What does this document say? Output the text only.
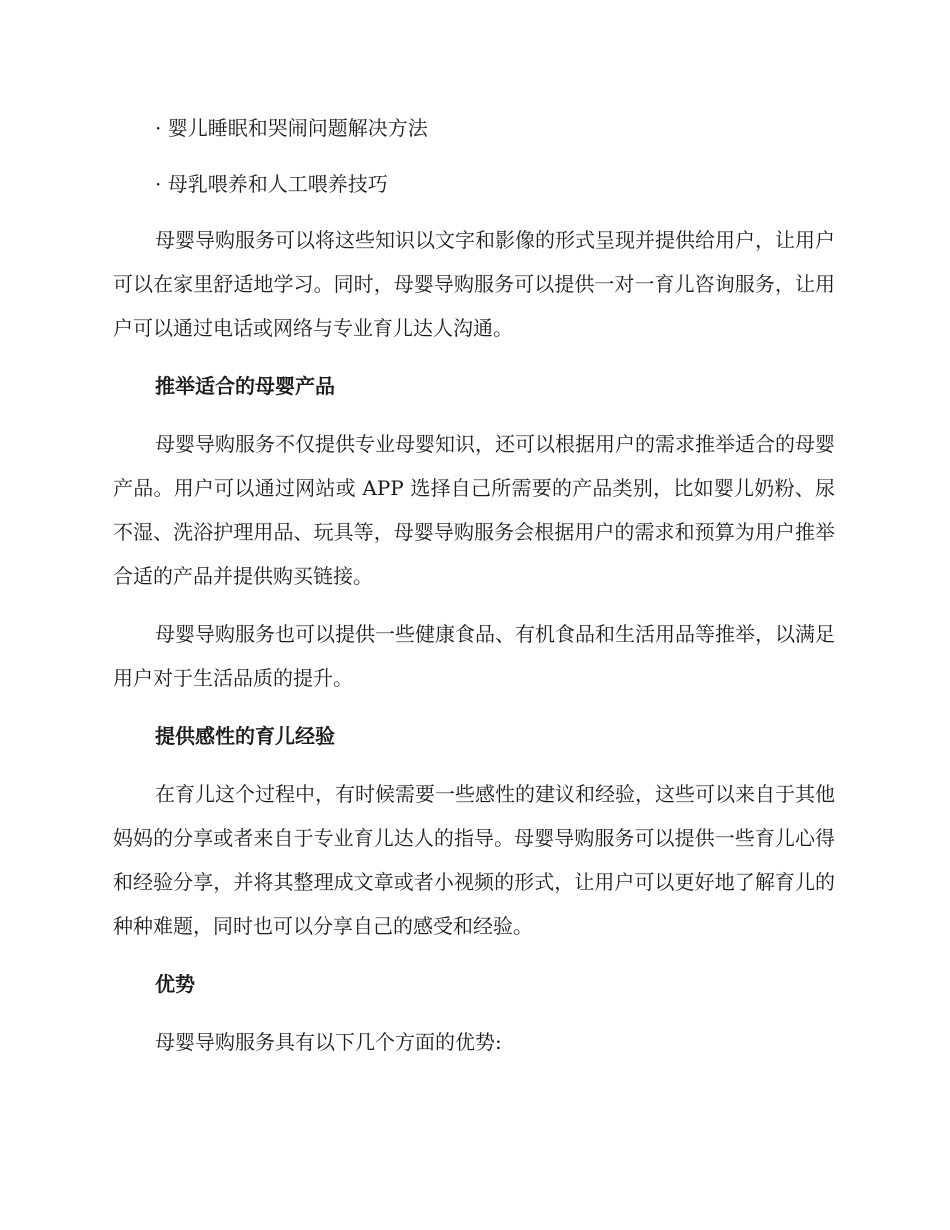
· 婴儿睡眠和哭闹问题解决方法
· 母乳喂养和人工喂养技巧

母婴导购服务可以将这些知识以文字和影像的形式呈现并提供给用户，让用户可以在家里舒适地学习。同时，母婴导购服务可以提供一对一育儿咨询服务，让用户可以通过电话或网络与专业育儿达人沟通。

推举适合的母婴产品

母婴导购服务不仅提供专业母婴知识，还可以根据用户的需求推举适合的母婴产品。用户可以通过网站或 APP 选择自己所需要的产品类别，比如婴儿奶粉、尿不湿、洗浴护理用品、玩具等，母婴导购服务会根据用户的需求和预算为用户推举合适的产品并提供购买链接。

母婴导购服务也可以提供一些健康食品、有机食品和生活用品等推举，以满足用户对于生活品质的提升。

提供感性的育儿经验

在育儿这个过程中，有时候需要一些感性的建议和经验，这些可以来自于其他妈妈的分享或者来自于专业育儿达人的指导。母婴导购服务可以提供一些育儿心得和经验分享，并将其整理成文章或者小视频的形式，让用户可以更好地了解育儿的种种难题，同时也可以分享自己的感受和经验。

优势

母婴导购服务具有以下几个方面的优势:
